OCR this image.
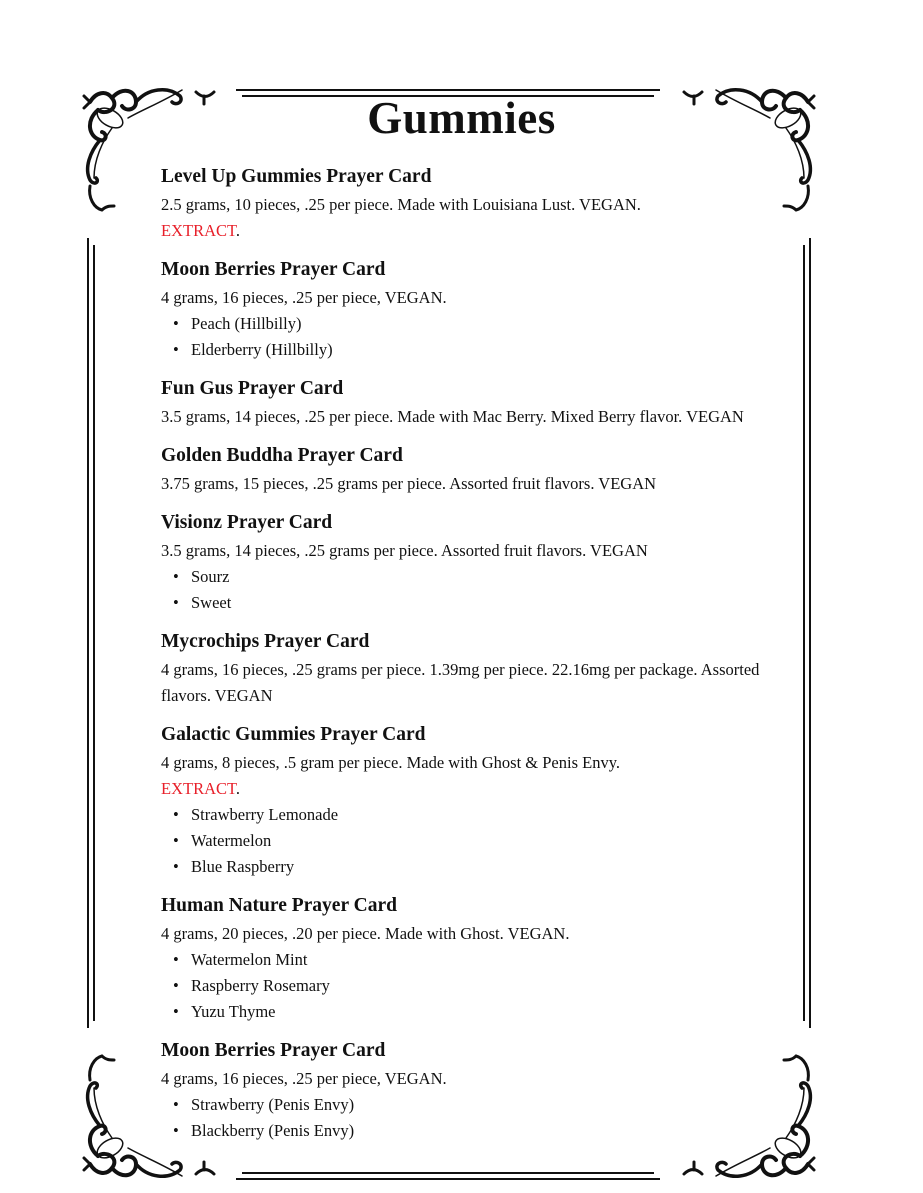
Gummies
Level Up Gummies Prayer Card

2.5 grams, 10 pieces, .25 per piece. Made with Louisiana Lust. VEGAN.
EXTRACT.

Moon Berries Prayer Card

4 grams, 16 pieces, .25 per piece, VEGAN.

• Peach (Hillbilly)
• Elderberry (Hillbilly)
Fun Gus Prayer Card

3.5 grams, 14 pieces, .25 per piece. Made with Mac Berry. Mixed Berry flavor. VEGAN

Golden Buddha Prayer Card

3.75 grams, 15 pieces, .25 grams per piece. Assorted fruit flavors. VEGAN

Visionz Prayer Card

3.5 grams, 14 pieces, .25 grams per piece. Assorted fruit flavors. VEGAN

• Sourz
• Sweet
Mycrochips Prayer Card

4 grams, 16 pieces, .25 grams per piece. 1.39mg per piece. 22.16mg per package. Assorted flavors. VEGAN

Galactic Gummies Prayer Card

4 grams, 8 pieces, .5 gram per piece. Made with Ghost & Penis Envy.
EXTRACT.

• Strawberry Lemonade
• Watermelon
• Blue Raspberry
Human Nature Prayer Card

4 grams, 20 pieces, .20 per piece. Made with Ghost. VEGAN.

• Watermelon Mint
• Raspberry Rosemary
• Yuzu Thyme
Moon Berries Prayer Card

4 grams, 16 pieces, .25 per piece, VEGAN.

• Strawberry (Penis Envy)
• Blackberry (Penis Envy)
